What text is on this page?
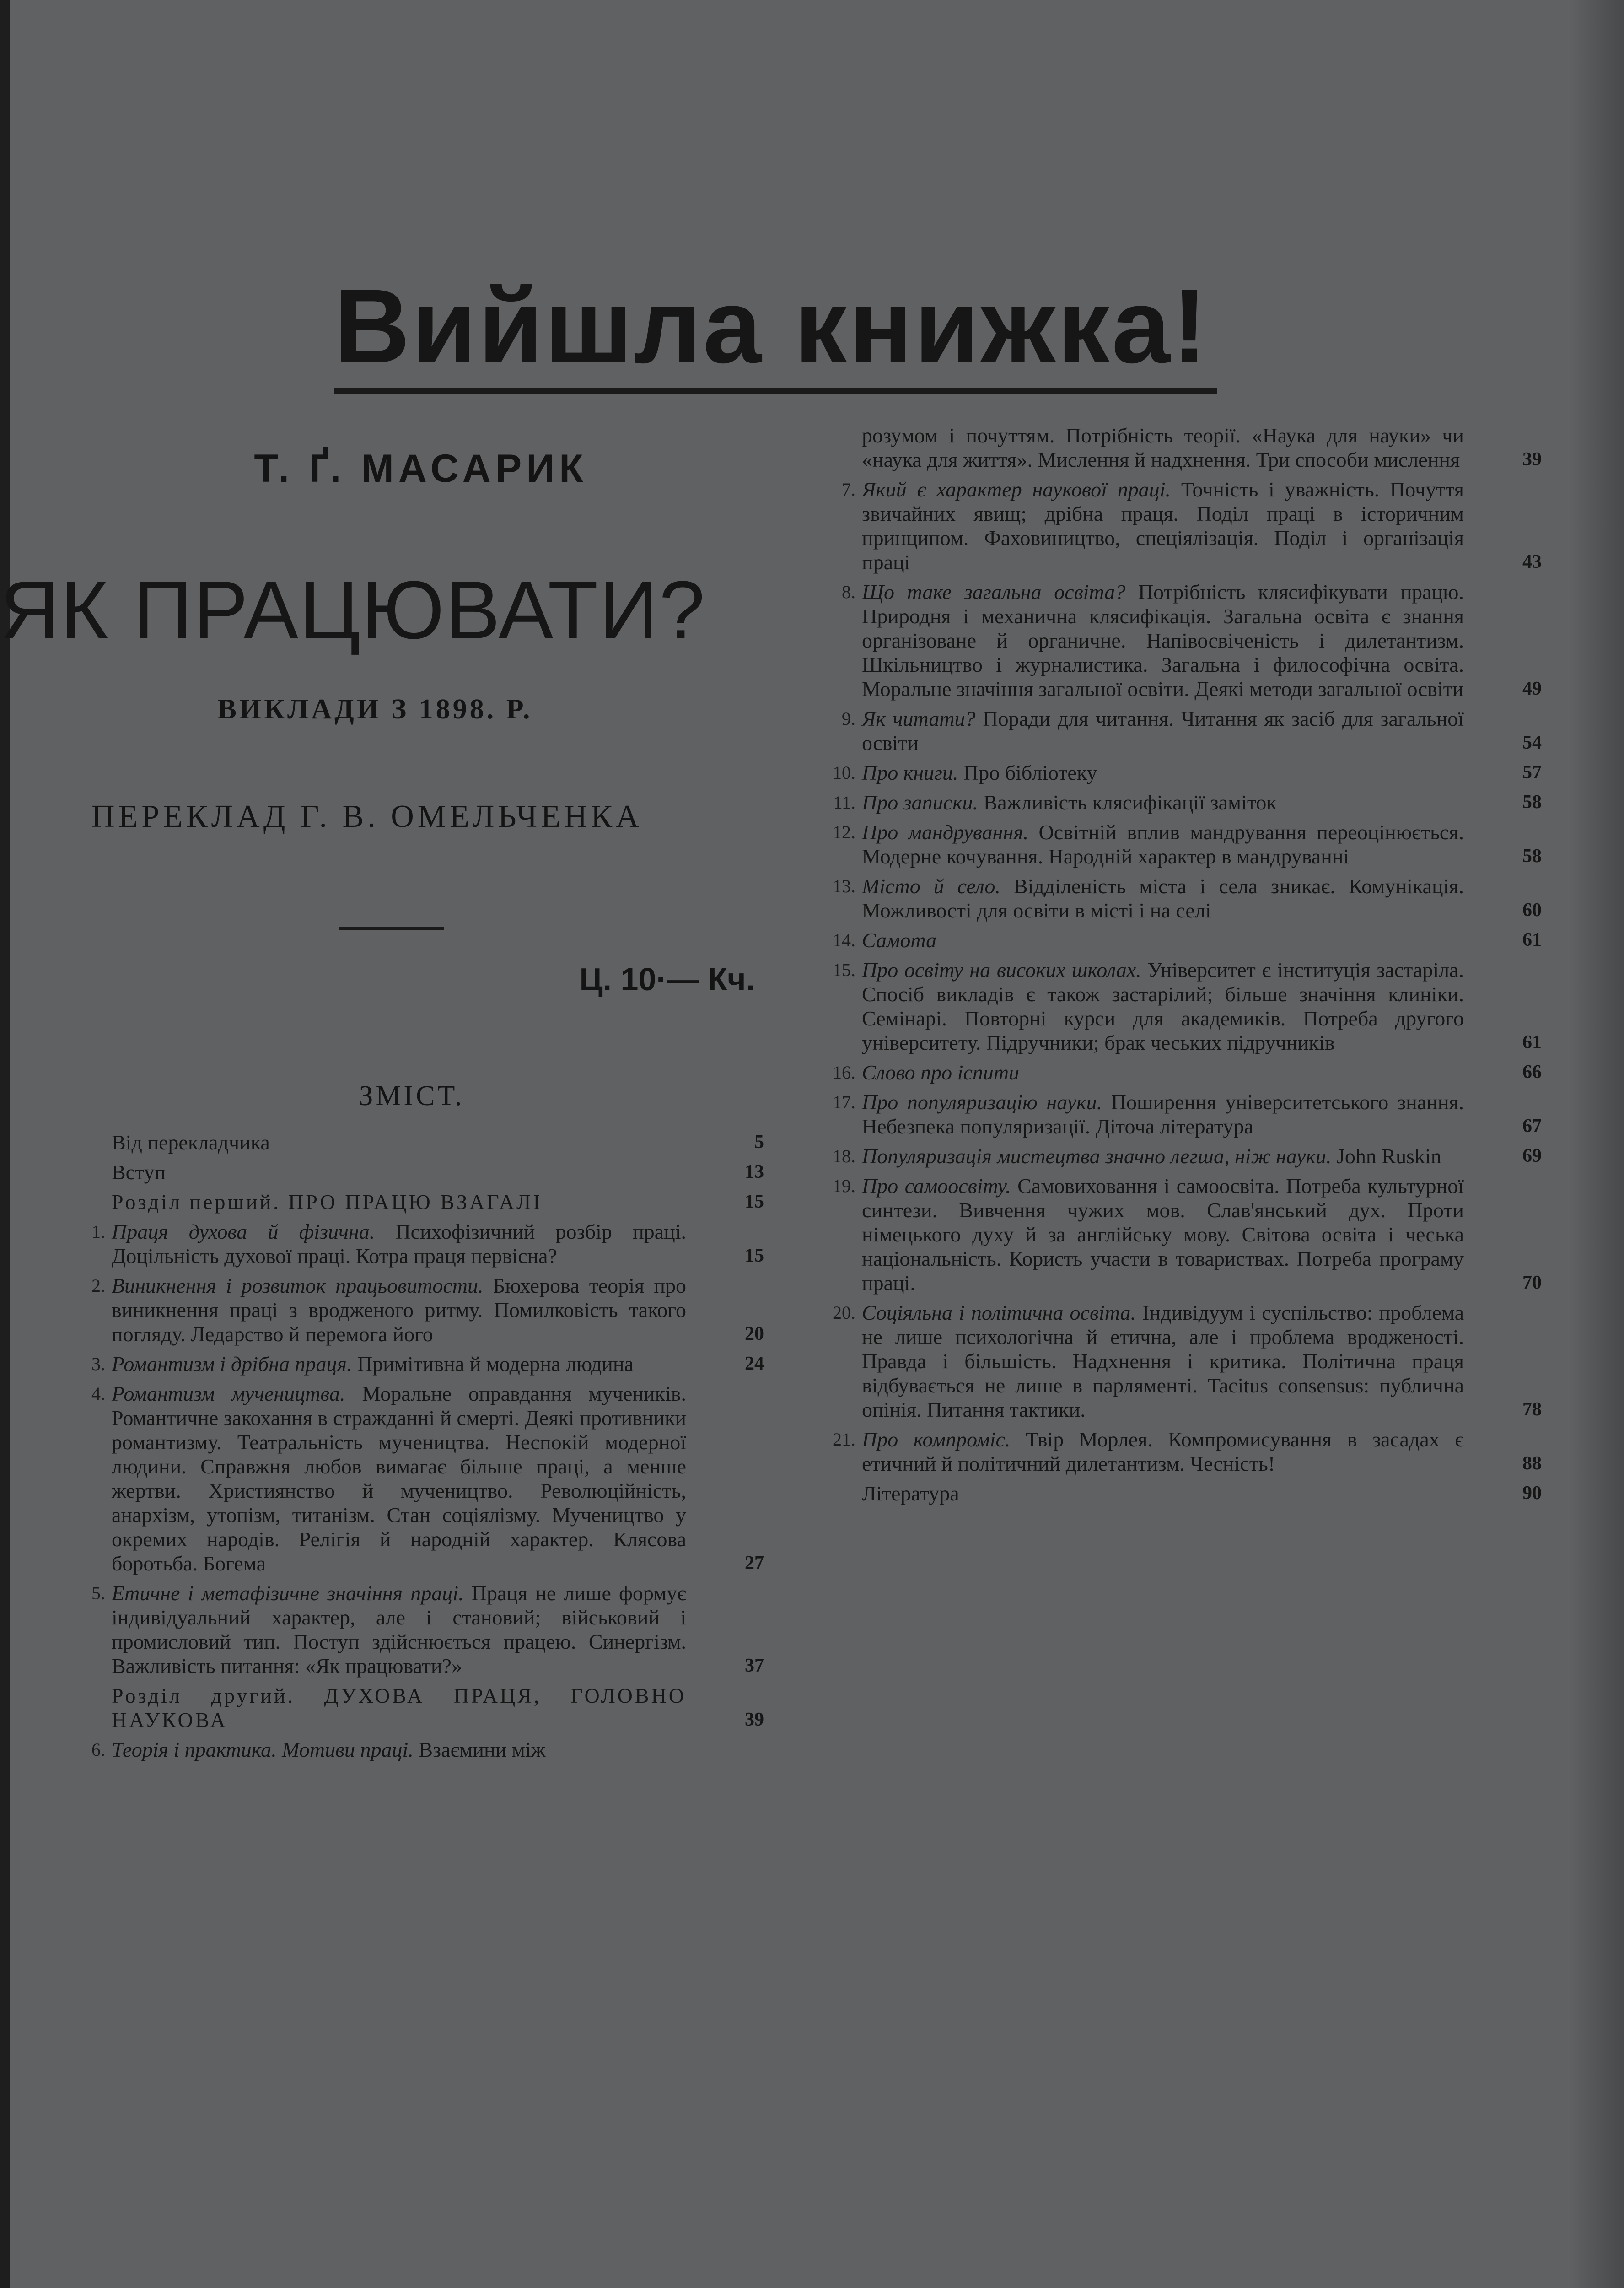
Вийшла книжка!
Т. Ґ. МАСАРИК
ЯК ПРАЦЮВАТИ?
ВИКЛАДИ З 1898. Р.
ПЕРЕКЛАД Г. В. ОМЕЛЬЧЕНКА
Ц. 10·— Кч.
ЗМІСТ.
Від перекладчика	5
Вступ	13
Розділ перший. ПРО ПРАЦЮ ВЗАГАЛІ	15
1. Праця духова й фізична. Психофізичний розбір праці. Доцільність духової праці. Котра праця первісна?	15
2. Виникнення і розвиток працьовитости. Бюхерова теорія про виникнення праці з вродженого ритму. Помилковість такого погляду. Ледарство й перемога його	20
3. Романтизм і дрібна праця. Примітивна й модерна людина	24
4. Романтизм мучеництва. Моральне оправдання мучеників. Романтичне закохання в стражданні й смерті. Деякі противники романтизму. Театральність мучеництва. Неспокій модерної людини. Справжня любов вимагає більше праці, а менше жертви. Християнство й мучеництво. Революційність, анархізм, утопізм, титанізм. Стан соціялізму. Мучеництво у окремих народів. Релігія й народній характер. Клясова боротьба. Богема	27
5. Етичне і метафізичне значіння праці. Праця не лише формує індивідуальний характер, але і становий; військовий і промисловий тип. Поступ здійснюється працею. Синергізм. Важливість питання: «Як працювати?»	37
Розділ другий. ДУХОВА ПРАЦЯ, ГОЛОВНО НАУКОВА	39
6. Теорія і практика. Мотиви праці. Взаємини між
розумом і почуттям. Потрібність теорії. «Наука для науки» чи «наука для життя». Мислення й надхнення. Три способи мислення	39
7. Який є характер наукової праці. Точність і уважність. Почуття звичайних явищ; дрібна праця. Поділ праці в історичним принципом. Фаховиництво, спеціялізація. Поділ і організація праці	43
8. Що таке загальна освіта? Потрібність клясифікувати працю. Природня і механична клясифікація. Загальна освіта є знання організоване й органичне. Напівосвіченість і дилетантизм. Шкільництво і журналистика. Загальна і философічна освіта. Моральне значіння загальної освіти. Деякі методи загальної освіти	49
9. Як читати? Поради для читання. Читання як засіб для загальної освіти	54
10. Про книги. Про бібліотеку	57
11. Про записки. Важливість клясифікації заміток	58
12. Про мандрування. Освітній вплив мандрування переоцінюється. Модерне кочування. Народній характер в мандруванні	58
13. Місто й село. Відділеність міста і села зникає. Комунікація. Можливості для освіти в місті і на селі	60
14. Самота	61
15. Про освіту на високих школах. Університет є інституція застаріла. Спосіб викладів є також застарілий; більше значіння клиніки. Семінарі. Повторні курси для академиків. Потреба другого університету. Підручники; брак чеських підручників	61
16. Слово про іспити	66
17. Про популяризацію науки. Поширення університетського знання. Небезпека популяризації. Діточа література	67
18. Популяризація мистецтва значно легша, ніж науки. John Ruskin	69
19. Про самоосвіту. Самовиховання і самоосвіта. Потреба культурної синтези. Вивчення чужих мов. Слав'янський дух. Проти німецького духу й за англійську мову. Світова освіта і чеська національність. Користь участи в товариствах. Потреба програму праці.	70
20. Соціяльна і політична освіта. Індивідуум і суспільство: проблема не лише психологічна й етична, але і проблема вродженості. Правда і більшість. Надхнення і критика. Політична праця відбувається не лише в парляменті. Tacitus consensus: публична опінія. Питання тактики.	78
21. Про компроміс. Твір Морлея. Компромисування в засадах є етичний й політичний дилетантизм. Чесність!	88
Література	90
